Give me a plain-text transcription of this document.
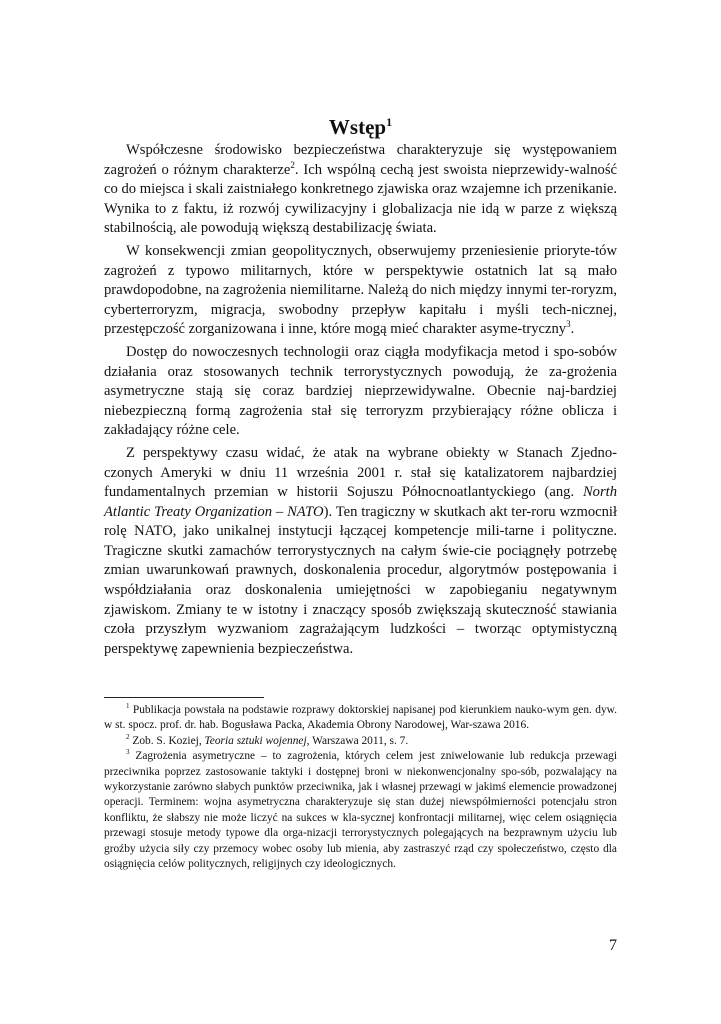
Wstęp$^1$

Współczesne środowisko bezpieczeństwa charakteryzuje się występowaniem zagrożeń o różnym charakterze$^2$. Ich wspólną cechą jest swoista nieprzewidy-walność co do miejsca i skali zaistniałego konkretnego zjawiska oraz wzajemne ich przenikanie. Wynika to z faktu, iż rozwój cywilizacyjny i globalizacja nie idą w parze z większą stabilnością, ale powodują większą destabilizację świata.

W konsekwencji zmian geopolitycznych, obserwujemy przeniesienie prioryte-tów zagrożeń z typowo militarnych, które w perspektywie ostatnich lat są mało prawdopodobne, na zagrożenia niemilitarne. Należą do nich między innymi ter-roryzm, cyberterroryzm, migracja, swobodny przepływ kapitału i myśli tech-nicznej, przestępczość zorganizowana i inne, które mogą mieć charakter asyme-tryczny$^3$.

Dostęp do nowoczesnych technologii oraz ciągła modyfikacja metod i spo-sobów działania oraz stosowanych technik terrorystycznych powodują, że za-grożenia asymetryczne stają się coraz bardziej nieprzewidywalne. Obecnie naj-bardziej niebezpieczną formą zagrożenia stał się terroryzm przybierający różne oblicza i zakładający różne cele.

Z perspektywy czasu widać, że atak na wybrane obiekty w Stanach Zjedno-czonych Ameryki w dniu 11 września 2001 r. stał się katalizatorem najbardziej fundamentalnych przemian w historii Sojuszu Północnoatlantyckiego (ang. North Atlantic Treaty Organization – NATO). Ten tragiczny w skutkach akt ter-roru wzmocnił rolę NATO, jako unikalnej instytucji łączącej kompetencje mili-tarne i polityczne. Tragiczne skutki zamachów terrorystycznych na całym świe-cie pociągnęły potrzebę zmian uwarunkowań prawnych, doskonalenia procedur, algorytmów postępowania i współdziałania oraz doskonalenia umiejętności w zapobieganiu negatywnym zjawiskom. Zmiany te w istotny i znaczący sposób zwiększają skuteczność stawiania czoła przyszłym wyzwaniom zagrażającym ludzkości – tworząc optymistyczną perspektywę zapewnienia bezpieczeństwa.

$^1$ Publikacja powstała na podstawie rozprawy doktorskiej napisanej pod kierunkiem nauko-wym gen. dyw. w st. spocz. prof. dr. hab. Bogusława Packa, Akademia Obrony Narodowej, War-szawa 2016.

$^2$ Zob. S. Koziej, Teoria sztuki wojennej, Warszawa 2011, s. 7.

$^3$ Zagrożenia asymetryczne – to zagrożenia, których celem jest zniwelowanie lub redukcja przewagi przeciwnika poprzez zastosowanie taktyki i dostępnej broni w niekonwencjonalny spo-sób, pozwalający na wykorzystanie zarówno słabych punktów przeciwnika, jak i własnej przewagi w jakimś elemencie prowadzonej operacji. Terminem: wojna asymetryczna charakteryzuje się stan dużej niewspółmierności potencjału stron konfliktu, że słabszy nie może liczyć na sukces w kla-sycznej konfrontacji militarnej, więc celem osiągnięcia przewagi stosuje metody typowe dla orga-nizacji terrorystycznych polegających na bezprawnym użyciu lub groźby użycia siły czy przemocy wobec osoby lub mienia, aby zastraszyć rząd czy społeczeństwo, często dla osiągnięcia celów politycznych, religijnych czy ideologicznych.

7
